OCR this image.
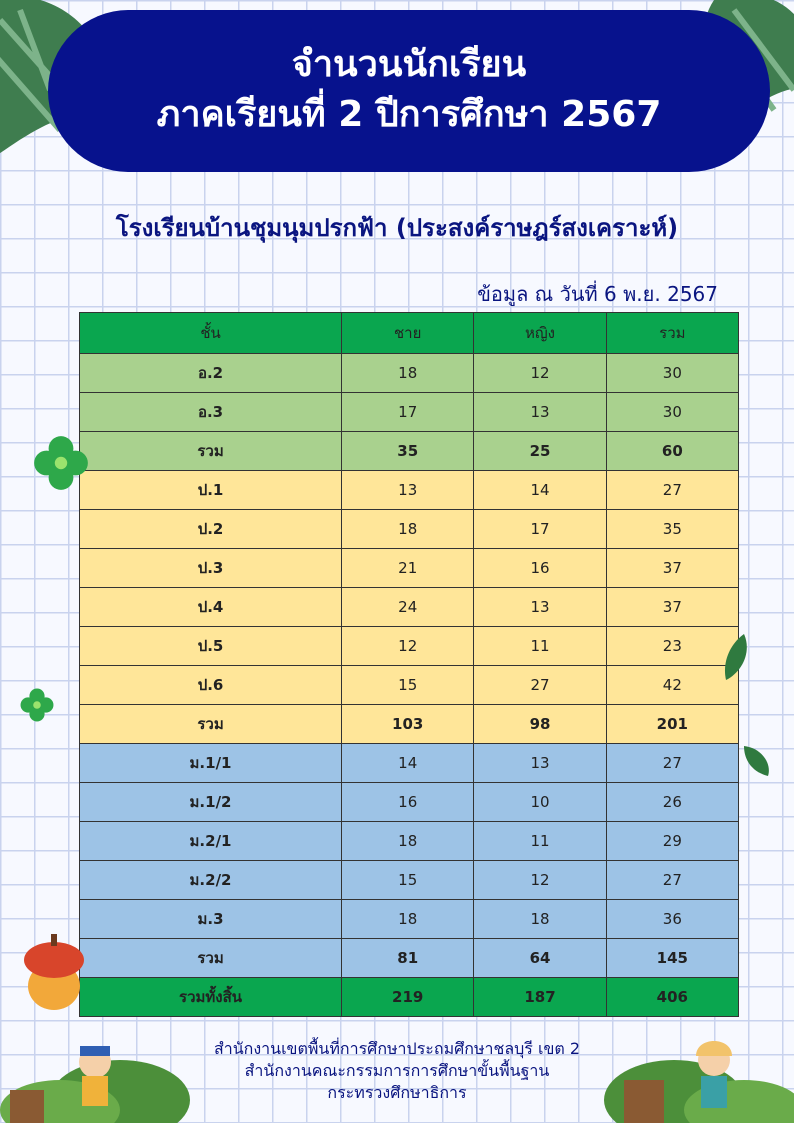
จำนวนนักเรียน
ภาคเรียนที่ 2 ปีการศึกษา 2567
โรงเรียนบ้านชุมนุมปรกฟ้า (ประสงค์ราษฎร์สงเคราะห์)
ข้อมูล ณ วันที่ 6 พ.ย. 2567
ชั้น	ชาย	หญิง	รวม
อ.2	18	12	30
อ.3	17	13	30
รวม	35	25	60
ป.1	13	14	27
ป.2	18	17	35
ป.3	21	16	37
ป.4	24	13	37
ป.5	12	11	23
ป.6	15	27	42
รวม	103	98	201
ม.1/1	14	13	27
ม.1/2	16	10	26
ม.2/1	18	11	29
ม.2/2	15	12	27
ม.3	18	18	36
รวม	81	64	145
รวมทั้งสิ้น	219	187	406
สำนักงานเขตพื้นที่การศึกษาประถมศึกษาชลบุรี เขต 2
สำนักงานคณะกรรมการการศึกษาขั้นพื้นฐาน
กระทรวงศึกษาธิการ
